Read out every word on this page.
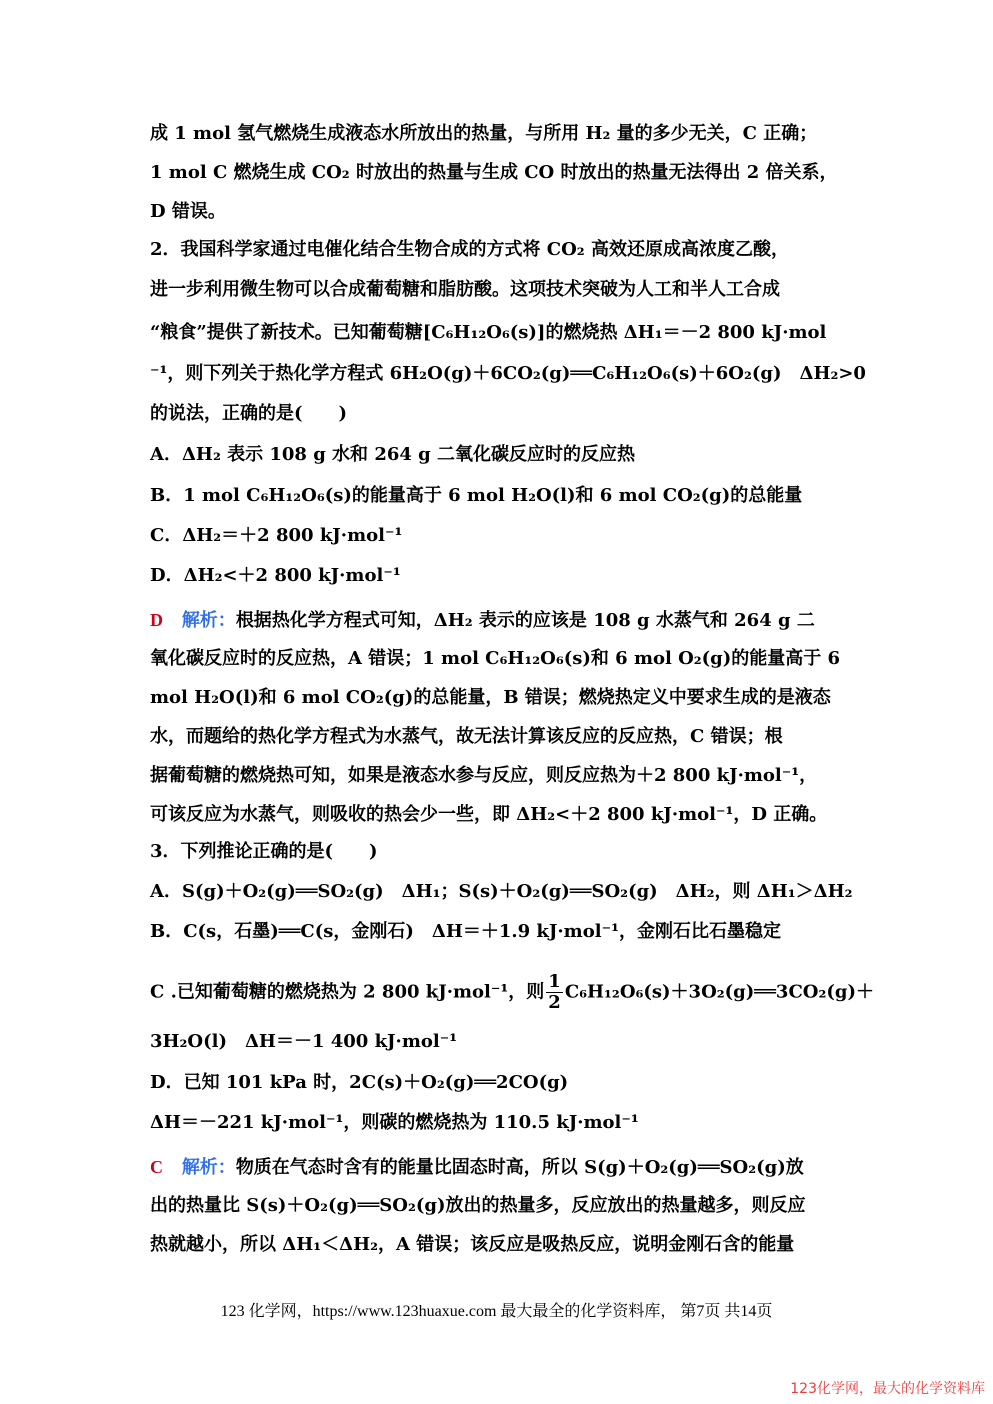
成 1 mol 氢气燃烧生成液态水所放出的热量，与所用 H₂ 量的多少无关，C 正确；
1 mol C 燃烧生成 CO₂ 时放出的热量与生成 CO 时放出的热量无法得出 2 倍关系，
D 错误。
2．我国科学家通过电催化结合生物合成的方式将 CO₂ 高效还原成高浓度乙酸，
进一步利用微生物可以合成葡萄糖和脂肪酸。这项技术突破为人工和半人工合成
“粮食”提供了新技术。已知葡萄糖[C₆H₁₂O₆(s)]的燃烧热 ΔH₁＝－2 800 kJ·mol
⁻¹，则下列关于热化学方程式 6H₂O(g)＋6CO₂(g)══C₆H₁₂O₆(s)＋6O₂(g)　ΔH₂>0
的说法，正确的是(　　)
A．ΔH₂ 表示 108 g 水和 264 g 二氧化碳反应时的反应热
B．1 mol C₆H₁₂O₆(s)的能量高于 6 mol H₂O(l)和 6 mol CO₂(g)的总能量
C．ΔH₂＝＋2 800 kJ·mol⁻¹
D．ΔH₂<＋2 800 kJ·mol⁻¹
D 解析：根据热化学方程式可知，ΔH₂ 表示的应该是 108 g 水蒸气和 264 g 二
氧化碳反应时的反应热，A 错误；1 mol C₆H₁₂O₆(s)和 6 mol O₂(g)的能量高于 6
mol H₂O(l)和 6 mol CO₂(g)的总能量，B 错误；燃烧热定义中要求生成的是液态
水，而题给的热化学方程式为水蒸气，故无法计算该反应的反应热，C 错误；根
据葡萄糖的燃烧热可知，如果是液态水参与反应，则反应热为＋2 800 kJ·mol⁻¹，
可该反应为水蒸气，则吸收的热会少一些，即 ΔH₂<＋2 800 kJ·mol⁻¹，D 正确。
3．下列推论正确的是(　　)
A．S(g)＋O₂(g)══SO₂(g)　ΔH₁；S(s)＋O₂(g)══SO₂(g)　ΔH₂，则 ΔH₁＞ΔH₂
B．C(s，石墨)══C(s，金刚石)　ΔH＝＋1.9 kJ·mol⁻¹，金刚石比石墨稳定
C .已知葡萄糖的燃烧热为 2 800 kJ·mol⁻¹，则 $\frac{1}{2}$ C₆H₁₂O₆(s)＋3O₂(g)══3CO₂(g)＋
3H₂O(l)　ΔH＝－1 400 kJ·mol⁻¹
D．已知 101 kPa 时，2C(s)＋O₂(g)══2CO(g)
ΔH＝－221 kJ·mol⁻¹，则碳的燃烧热为 110.5 kJ·mol⁻¹
C 解析：物质在气态时含有的能量比固态时高，所以 S(g)＋O₂(g)══SO₂(g)放
出的热量比 S(s)＋O₂(g)══SO₂(g)放出的热量多，反应放出的热量越多，则反应
热就越小，所以 ΔH₁＜ΔH₂，A 错误；该反应是吸热反应，说明金刚石含的能量
123 化学网，https://www.123huaxue.com 最大最全的化学资料库， 第7页 共14页
123化学网，最大的化学资料库
